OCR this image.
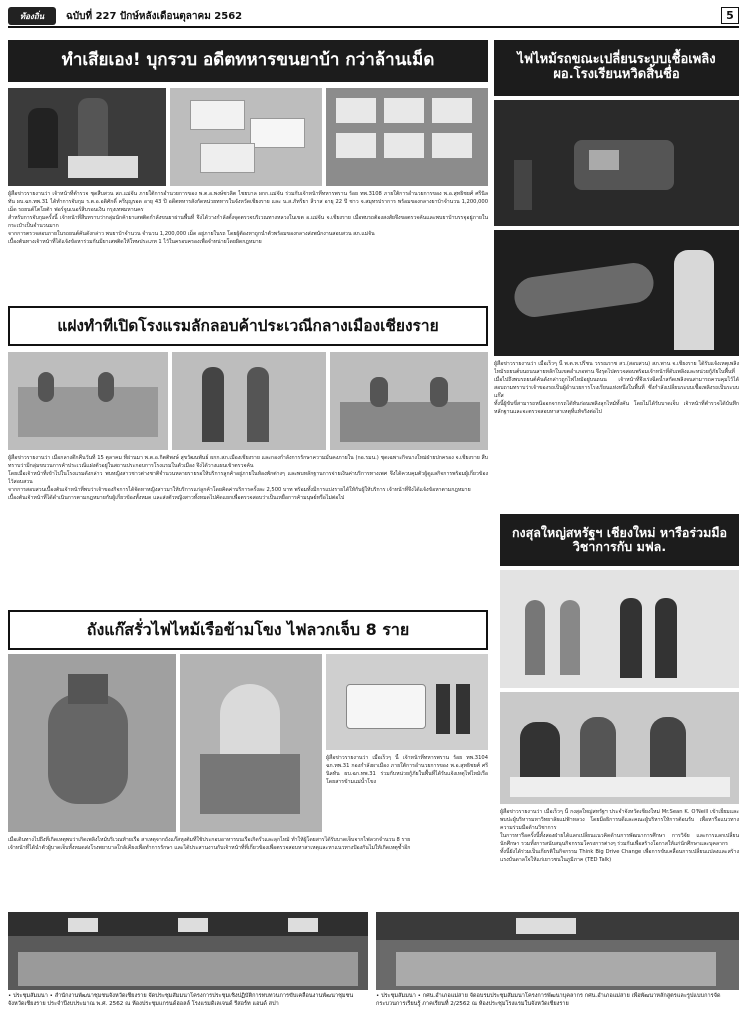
ท้องถิ่น	ฉบับที่ 227 ปักษ์หลังเดือนตุลาคม 2562	5
ทำเสียเอง! บุกรวบ อดีตทหารขนยาบ้า กว่าล้านเม็ด

ผู้สื่อข่าวรายงานว่า เจ้าหน้าที่ตำรวจ ชุดสืบสวน สภ.แม่จัน ภายใต้การอำนวยการของ พ.ต.อ.พงษ์ชวลิต ไชยบาล ผกก.แม่จัน ร่วมกับเจ้าหน้าที่ทหารพราน ร้อย ทพ.3108 ภายใต้การอำนวยการของ พ.อ.สุทธิชยศ์ ศรีนิลทัน ผบ.ฉก.ทพ.31 ได้ทำการจับกุม ร.ต.อ.อดิศักดิ์ ครีบุญรอด อายุ 43 ปี อดีตทหารสังกัดหน่วยทหารในจังหวัดเชียงราย และ น.ส.ภัทรียา สีวาส อายุ 22 ปี ชาว จ.สมุทรปราการ พร้อมของกลางยาบ้าจำนวน 1,200,000 เม็ด รถยนต์โตโยต้า ฟอร์จูนเนอร์สีบรอนเงิน กรุงเทพมหานคร

สำหรับการจับกุมครั้งนี้ เจ้าหน้าที่สืบทราบว่ากลุ่มนักค้ายาเสพติดกำลังขนยาผ่านพื้นที่ จึงได้วางกำลังตั้งจุดตรวจบริเวณทางหลวงในเขต อ.แม่จัน จ.เชียงราย เมื่อพบรถต้องสงสัยจึงขอตรวจค้นและพบยาบ้าบรรจุอยู่ภายในกระเป๋าเป็นจำนวนมาก

จากการตรวจสอบภายในรถยนต์คันดังกล่าว พบยาบ้าจำนวน จำนวน 1,200,000 เม็ด อยู่ภายในรถ โดยผู้ต้องหาถูกนำตัวพร้อมของกลางส่งพนักงานสอบสวน สภ.แม่จัน

เบื้องต้นทางเจ้าหน้าที่ได้แจ้งข้อหาร่วมกันมียาเสพติดให้โทษประเภท 1 ไว้ในครอบครองเพื่อจำหน่ายโดยผิดกฎหมาย

ไฟไหม้รถขณะเปลี่ยนระบบเชื้อเพลิง ผอ.โรงเรียนหวิดสิ้นชื่อ

ผู้สื่อข่าวรายงานว่า เมื่อเร็วๆ นี้ พ.ต.ท.ปรีชน วรรณราช สว.(สอบสวน) สภ.พาน จ.เชียงราย ได้รับแจ้งเหตุเพลิงไหม้รถยนต์บนถนนสายหลักในเขตอำเภอพาน จึงรุดไปตรวจสอบพร้อมเจ้าหน้าที่ดับเพลิงและหน่วยกู้ภัยในพื้นที่

เมื่อไปถึงพบรถยนต์คันดังกล่าวถูกไฟไหม้อยู่บนถนน เจ้าหน้าที่จึงเร่งฉีดน้ำสกัดเพลิงจนสามารถควบคุมไว้ได้ สอบถามทราบว่าเจ้าของรถเป็นผู้อำนวยการโรงเรียนแห่งหนึ่งในพื้นที่ ซึ่งกำลังเปลี่ยนระบบเชื้อเพลิงรถเป็นระบบแก๊ส

ทั้งนี้ผู้ขับขี่สามารถหนีออกจากรถได้ทันก่อนเพลิงลุกไหม้ทั้งคัน โดยไม่ได้รับบาดเจ็บ เจ้าหน้าที่ตำรวจได้บันทึกหลักฐานและจะตรวจสอบหาสาเหตุที่แท้จริงต่อไป

แฝงทำทีเปิดโรงแรมลักลอบค้าประเวณีกลางเมืองเชียงราย

ผู้สื่อข่าวรายงานว่า เมื่อกลางดึกคืนวันที่ 15 ตุลาคม ที่ผ่านมา พ.ต.อ.กิตติพงษ์ สุขวัฒนพันธ์ ผกก.สภ.เมืองเชียงราย และกองกำลังการรักษาความมั่นคงภายใน (กอ.รมน.) ชุดเฉพาะกิจนางใหม่ฝ่ายปกครอง จ.เชียงราย สืบทราบว่ามีกลุ่มขบวนการค้าประเวณีแฝงตัวอยู่ในสถานประกอบการโรงแรมในตัวเมือง จึงได้วางแผนเข้าตรวจค้น

โดยเมื่อเจ้าหน้าที่เข้าไปในโรงแรมดังกล่าว พบหญิงสาวชาวต่างชาติจำนวนหลายรายรอให้บริการลูกค้าอยู่ภายในห้องพักต่างๆ และพบหลักฐานการจ่ายเงินค่าบริการทางเพศ จึงได้ควบคุมตัวผู้ดูแลกิจการพร้อมผู้เกี่ยวข้องไว้สอบสวน

จากการสอบสวนเบื้องต้นเจ้าหน้าที่พบว่าเจ้าของกิจการได้จัดหาหญิงสาวมาให้บริการแก่ลูกค้าโดยคิดค่าบริการครั้งละ 2,500 บาท พร้อมทั้งมีการแบ่งรายได้ให้กับผู้ให้บริการ เจ้าหน้าที่จึงได้แจ้งข้อหาตามกฎหมาย

เบื้องต้นเจ้าหน้าที่ได้ดำเนินการตามกฎหมายกับผู้เกี่ยวข้องทั้งหมด และส่งตัวหญิงสาวทั้งหมดไปคัดแยกเพื่อตรวจสอบว่าเป็นเหยื่อการค้ามนุษย์หรือไม่ต่อไป

กงสุลใหญ่สหรัฐฯ เชียงใหม่ หารือร่วมมือวิชาการกับ มฟล.

ผู้สื่อข่าวรายงานว่า เมื่อเร็วๆ นี้ กงสุลใหญ่สหรัฐฯ ประจำจังหวัดเชียงใหม่ Mr.Sean K. O'Neill เข้าเยี่ยมและพบปะผู้บริหารมหาวิทยาลัยแม่ฟ้าหลวง โดยมีอธิการบดีและคณะผู้บริหารให้การต้อนรับ เพื่อหารือแนวทางความร่วมมือด้านวิชาการ

ในการหารือครั้งนี้ทั้งสองฝ่ายได้แลกเปลี่ยนแนวคิดด้านการพัฒนาการศึกษา การวิจัย และการแลกเปลี่ยนนักศึกษา รวมทั้งการสนับสนุนกิจกรรมโครงการต่างๆ ร่วมกันเพื่อสร้างโอกาสให้แก่นักศึกษาและบุคลากร

ทั้งนี้ยังได้ร่วมเป็นเกียรติในกิจกรรม Think Big Drive Change เพื่อการขับเคลื่อนการเปลี่ยนแปลงและสร้างแรงบันดาลใจให้แก่เยาวชนในภูมิภาค (TED Talk)

ถังแก๊สรั่วไฟไหม้เรือข้ามโขง ไฟลวกเจ็บ 8 ราย

ผู้สื่อข่าวรายงานว่า เมื่อเร็วๆ นี้ เจ้าหน้าที่ทหารพราน ร้อย ทพ.3104 ฉก.ทพ.31 กองกำลังผาเมือง ภายใต้การอำนวยการของ พ.อ.สุทธิชยศ์ ศรีนิลทัน ผบ.ฉก.ทพ.31 ร่วมกับหน่วยกู้ภัยในพื้นที่ได้รับแจ้งเหตุไฟไหม้เรือโดยสารข้ามแม่น้ำโขง

เมื่อเดินทางไปถึงที่เกิดเหตุพบว่าเกิดเพลิงไหม้บริเวณท้ายเรือ สาเหตุจากถังแก๊สหุงต้มที่ใช้ประกอบอาหารบนเรือเกิดรั่วและลุกไหม้ ทำให้ผู้โดยสารได้รับบาดเจ็บจากไฟลวกจำนวน 8 ราย

เจ้าหน้าที่ได้นำตัวผู้บาดเจ็บทั้งหมดส่งโรงพยาบาลใกล้เคียงเพื่อทำการรักษา และได้ประสานงานกับเจ้าหน้าที่ที่เกี่ยวข้องเพื่อตรวจสอบหาสาเหตุและหาแนวทางป้องกันไม่ให้เกิดเหตุซ้ำอีก

• ประชุมสัมมนา • สำนักงานพัฒนาชุมชนจังหวัดเชียงราย จัดประชุมสัมมนาโครงการประชุมเชิงปฏิบัติการทบทวนการขับเคลื่อนงานพัฒนาชุมชนจังหวัดเชียงราย ประจำปีงบประมาณ พ.ศ. 2562 ณ ห้องประชุมแกรนด์ฮอลล์ โรงแรมดิเลเจนด์ รีสอร์ท แอนด์ สปา
• ประชุมสัมมนา • กศน.อำเภอแม่สาย จัดอบรมประชุมสัมมนาโครงการพัฒนาบุคลากร กศน.อำเภอแม่สาย เพื่อพัฒนาหลักสูตรและรูปแบบการจัดกระบวนการเรียนรู้ ภาคเรียนที่ 2/2562 ณ ห้องประชุมโรงแรมในจังหวัดเชียงราย
